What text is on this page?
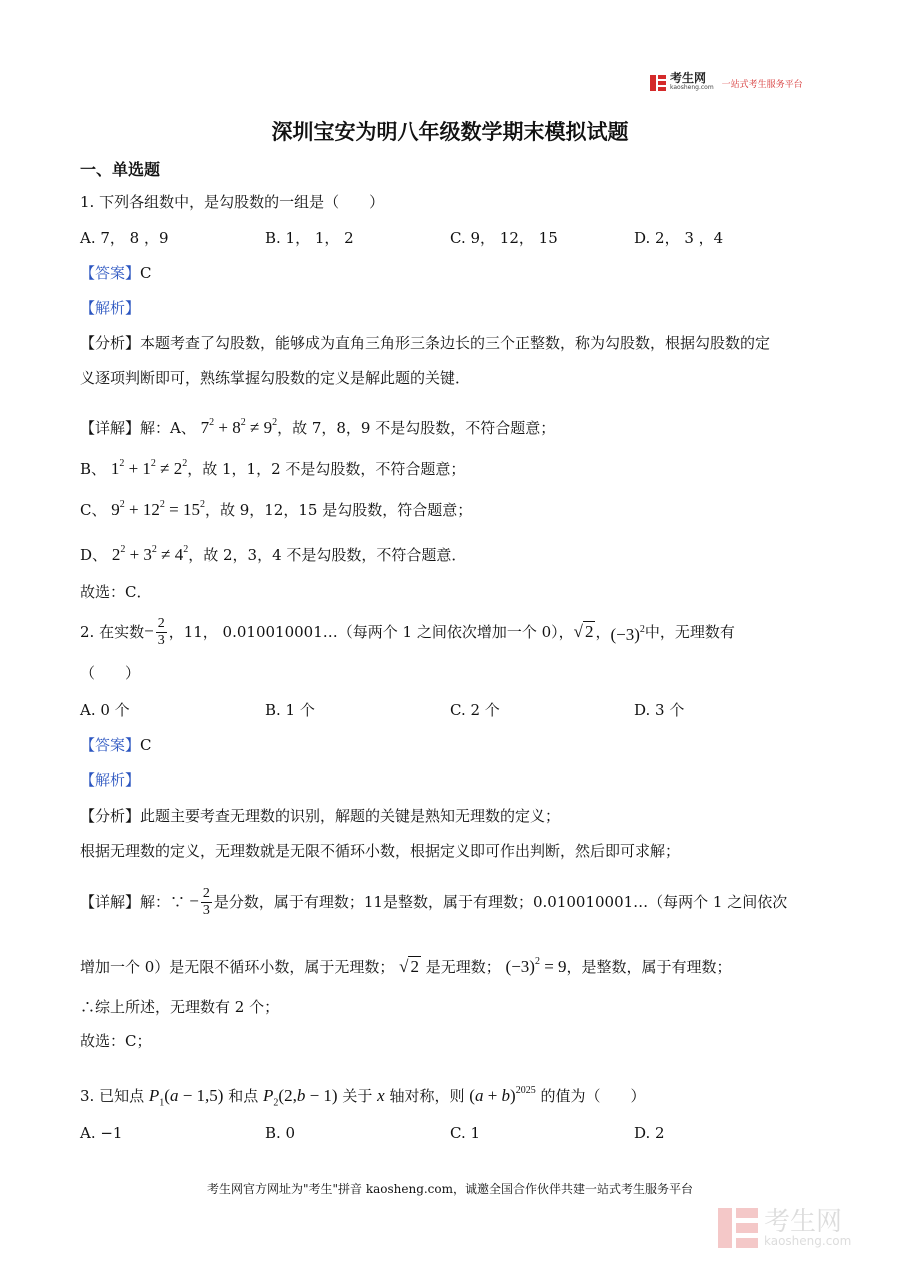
考生网
kaosheng.com 一站式考生服务平台
深圳宝安为明八年级数学期末模拟试题
一、单选题
1. 下列各组数中，是勾股数的一组是（　　）
A. 7， 8 ，9	B. 1， 1， 2	C. 9， 12， 15	D. 2， 3 ，4
【答案】C
【解析】
【分析】本题考查了勾股数，能够成为直角三角形三条边长的三个正整数，称为勾股数，根据勾股数的定
义逐项判断即可，熟练掌握勾股数的定义是解此题的关键．
【详解】解：A、 $7^2 + 8^2 \ne 9^2$，故 7，8，9 不是勾股数，不符合题意；
B、 $1^2 + 1^2 \ne 2^2$，故 1，1，2 不是勾股数，不符合题意；
C、 $9^2 + 12^2 = 15^2$，故 9，12，15 是勾股数，符合题意；
D、 $2^2 + 3^2 \ne 4^2$，故 2，3，4 不是勾股数，不符合题意．
故选：C．
2. 在实数 − $\frac{2}{3}$ ，11， 0.010010001…（每两个 1 之间依次增加一个 0）， √ 2 ， $(-3)^2$ 中，无理数有
（　　）
A. 0 个	B. 1 个	C. 2 个	D. 3 个
【答案】C
【解析】
【分析】此题主要考查无理数的识别，解题的关键是熟知无理数的定义；
根据无理数的定义，无理数就是无限不循环小数，根据定义即可作出判断，然后即可求解；
【详解】 解：∵ − $\frac{2}{3}$ 是分数，属于有理数；11是整数，属于有理数；0.010010001…（每两个 1 之间依次
增加一个 0）是无限不循环小数，属于无理数； √ 2 是无理数； $(-3)^2 = 9$，是整数，属于有理数；
∴综上所述，无理数有 2 个；
故选：C；
3. 已知点 $P_1(a - 1,5)$ 和点 $P_2(2,b - 1)$ 关于 x 轴对称，则 $(a + b)^{2025}$ 的值为（　　）
A. −1	B. 0	C. 1	D. 2
考生网官方网址为"考生"拼音 kaosheng.com，诚邀全国合作伙伴共建一站式考生服务平台
考生网
kaosheng.com
